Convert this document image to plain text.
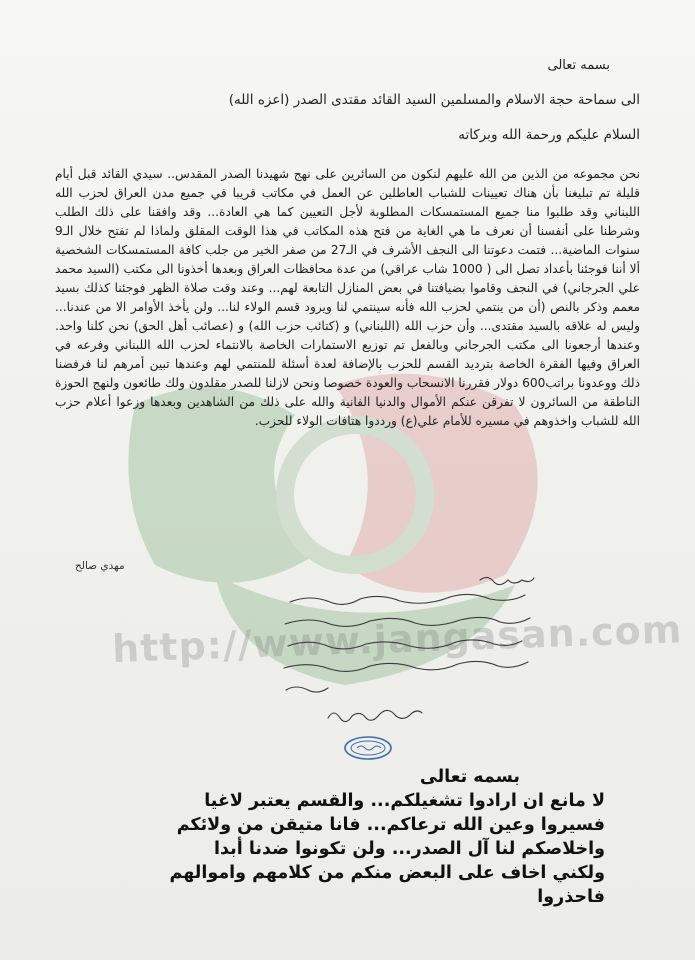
http://www.jangasan.com
بسمه تعالى
الى سماحة حجة الاسلام والمسلمين السيد القائد مقتدى الصدر (اعزه الله)
السلام عليكم ورحمة الله وبركاته
نحن مجموعه من الذين من الله عليهم لنكون من السائرين على نهج شهيدنا الصدر المقدس.. سيدي القائد قبل أيام قليلة تم تبليغنا بأن هناك تعيينات للشباب العاطلين عن العمل في مكاتب قريبا في جميع مدن العراق لحزب الله اللبناني وقد طلبوا منا جميع المستمسكات المطلوبة لأجل التعيين كما هي العادة... وقد وافقنا على ذلك الطلب وشرطنا على أنفسنا أن نعرف ما هي الغاية من فتح هذه المكاتب في هذا الوقت المقلق ولماذا لم تفتح خلال الـ9 سنوات الماضية... فتمت دعوتنا الى النجف الأشرف في الـ27 من صفر الخير من جلب كافة المستمسكات الشخصية ألا أننا فوجئنا بأعداد تصل الى ( 1000 شاب عراقي) من عدة محافظات العراق وبعدها أخذونا الى مكتب (السيد محمد علي الجرجاني) في النجف وقاموا بضيافتنا في بعض المنازل التابعة لهم... وعند وقت صلاة الظهر فوجئنا كذلك بسيد معمم وذكر بالنص (أن من ينتمي لحزب الله فأنه سينتمي لنا ويرود قسم الولاء لنا... ولن يأخذ الأوامر الا من عندنا... وليس له علاقه بالسيد مقتدى... وأن حزب الله (اللبناني) و (كتائب حزب الله) و (عصائب أهل الحق) نحن كلنا واحد. وعندها أرجعونا الى مكتب الجرجاني وبالفعل تم توزيع الاستمارات الخاصة بالانتماء لحزب الله اللبناني وفرعه في العراق وفيها الفقرة الخاصة بترديد القسم للحزب بالإضافة لعدة أسئلة للمنتمي لهم وعندها تبين أمرهم لنا فرفضنا ذلك ووعدونا براتب600 دولار فقررنا الانسحاب والعودة خصوصا ونحن لازلنا للصدر مقلدون ولك طائعون ولنهج الحوزة الناطقة من السائرون لا تفرقن عنكم الأموال والدنيا الفانية والله على ذلك من الشاهدين وبعدها وزعوا أعلام حزب الله للشباب واخذوهم في مسيره للأمام علي(ع) ورددوا هتافات الولاء للحزب.
مهدي صالح
بسمه تعالى
لا مانع ان ارادوا تشغيلكم... والقسم يعتبر لاغيا
فسيروا وعين الله ترعاكم... فانا متيقن من ولائكم
واخلاصكم لنا آل الصدر... ولن تكونوا ضدنا أبدا
ولكني اخاف على البعض منكم من كلامهم واموالهم
فاحذروا
